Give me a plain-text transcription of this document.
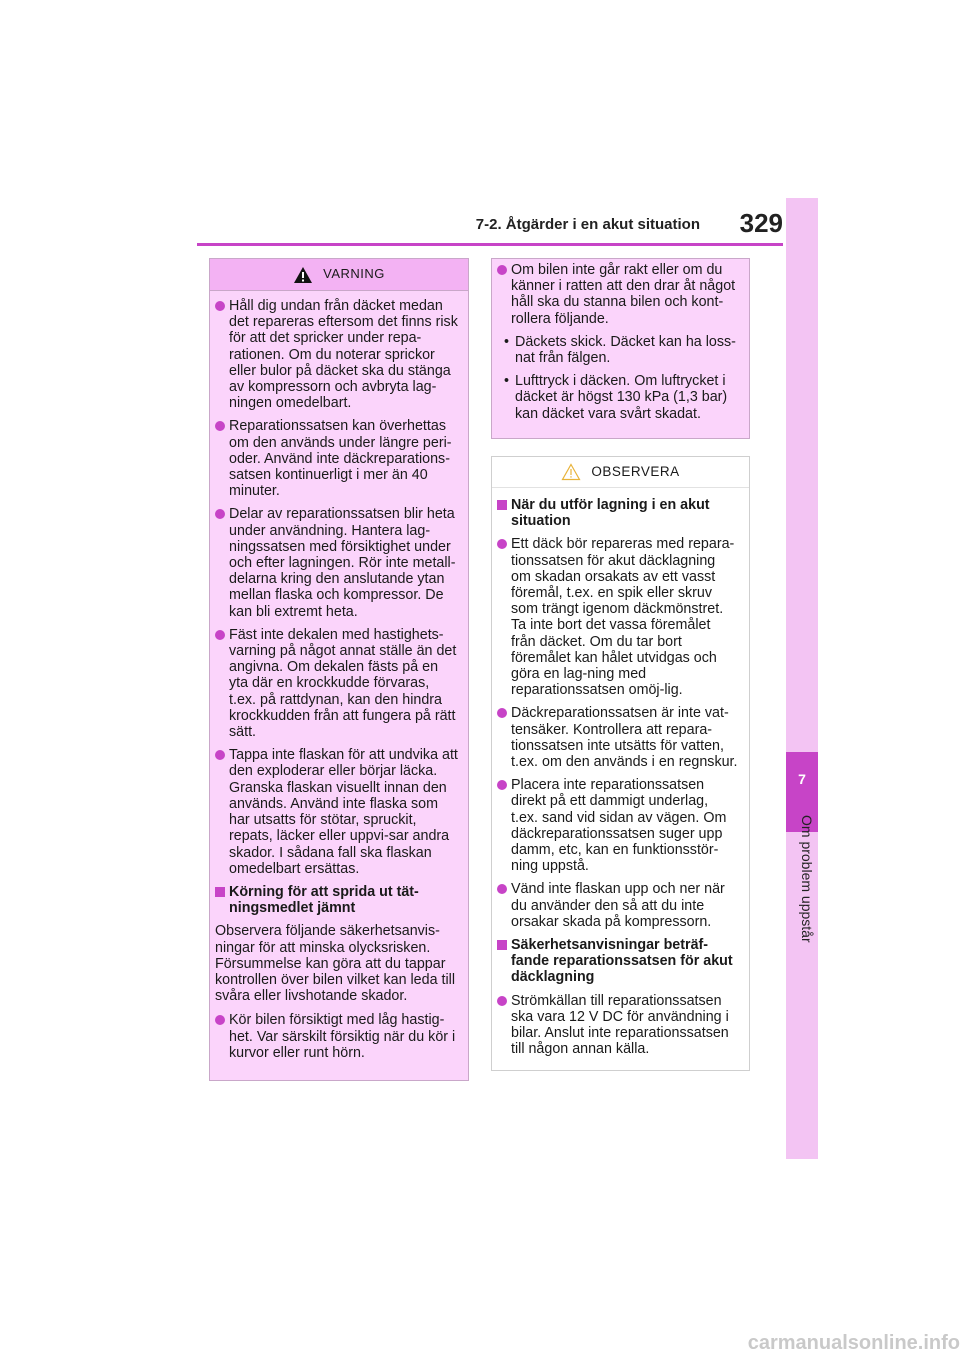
7-2. Åtgärder i en akut situation	329
7
Om problem uppstår
VARNING

Håll dig undan från däcket medan det repareras eftersom det finns risk för att det spricker under repa-rationen. Om du noterar sprickor eller bulor på däcket ska du stänga av kompressorn och avbryta lag-ningen omedelbart.

Reparationssatsen kan överhettas om den används under längre peri-oder. Använd inte däckreparations-satsen kontinuerligt i mer än 40 minuter.

Delar av reparationssatsen blir heta under användning. Hantera lag-ningssatsen med försiktighet under och efter lagningen. Rör inte metall-delarna kring den anslutande ytan mellan flaska och kompressor. De kan bli extremt heta.

Fäst inte dekalen med hastighets-varning på något annat ställe än det angivna. Om dekalen fästs på en yta där en krockkudde förvaras, t.ex. på rattdynan, kan den hindra krockkudden från att fungera på rätt sätt.

Tappa inte flaskan för att undvika att den exploderar eller börjar läcka. Granska flaskan visuellt innan den används. Använd inte flaska som har utsatts för stötar, spruckit, repats, läcker eller uppvi-sar andra skador. I sådana fall ska flaskan omedelbart ersättas.

Körning för att sprida ut tät-ningsmedlet jämnt

Observera följande säkerhetsanvis-ningar för att minska olycksrisken. Försummelse kan göra att du tappar kontrollen över bilen vilket kan leda till svåra eller livshotande skador.

Kör bilen försiktigt med låg hastig-het. Var särskilt försiktig när du kör i kurvor eller runt hörn.

Om bilen inte går rakt eller om du känner i ratten att den drar åt något håll ska du stanna bilen och kont-rollera följande.

• Däckets skick. Däcket kan ha loss-nat från fälgen.

• Lufttryck i däcken. Om luftrycket i däcket är högst 130 kPa (1,3 bar) kan däcket vara svårt skadat.

OBSERVERA

När du utför lagning i en akut situation

Ett däck bör repareras med repara-tionssatsen för akut däcklagning om skadan orsakats av ett vasst föremål, t.ex. en spik eller skruv som trängt igenom däckmönstret. Ta inte bort det vassa föremålet från däcket. Om du tar bort föremålet kan hålet utvidgas och göra en lag-ning med reparationssatsen omöj-lig.

Däckreparationssatsen är inte vat-tensäker. Kontrollera att repara-tionssatsen inte utsätts för vatten, t.ex. om den används i en regnskur.

Placera inte reparationssatsen direkt på ett dammigt underlag, t.ex. sand vid sidan av vägen. Om däckreparationssatsen suger upp damm, etc, kan en funktionsstör-ning uppstå.

Vänd inte flaskan upp och ner när du använder den så att du inte orsakar skada på kompressorn.

Säkerhetsanvisningar beträf-fande reparationssatsen för akut däcklagning

Strömkällan till reparationssatsen ska vara 12 V DC för användning i bilar. Anslut inte reparationssatsen till någon annan källa.

carmanualsonline.info
